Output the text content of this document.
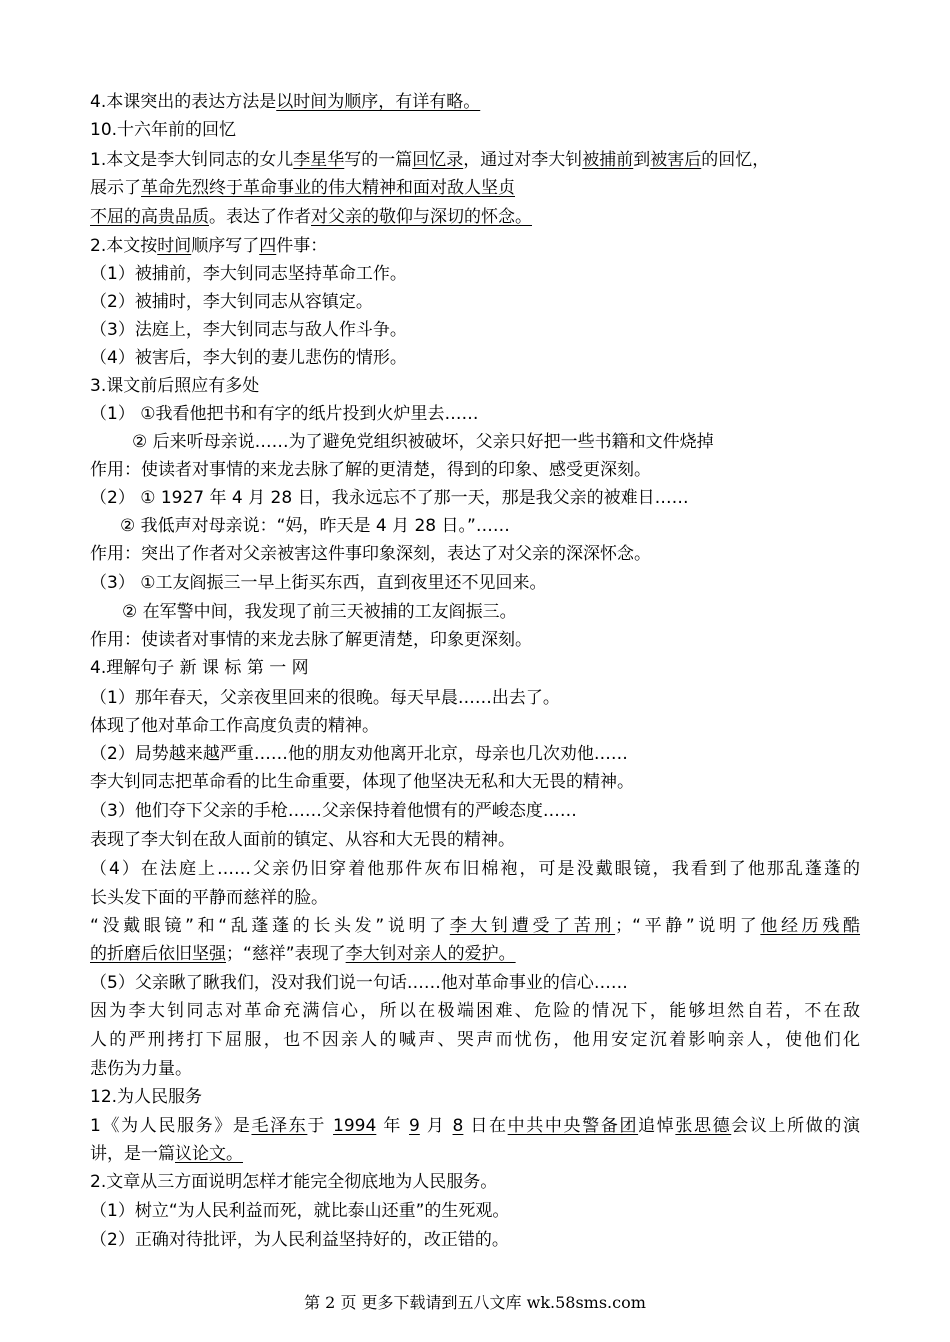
4.本课突出的表达方法是以时间为顺序，有详有略。
10.十六年前的回忆
1.本文是李大钊同志的女儿李星华写的一篇回忆录，通过对李大钊被捕前到被害后的回忆，
展示了革命先烈终于革命事业的伟大精神和面对敌人坚贞
不屈的高贵品质。表达了作者对父亲的敬仰与深切的怀念。
2.本文按时间顺序写了四件事：
（1）被捕前，李大钊同志坚持革命工作。
（2）被捕时，李大钊同志从容镇定。
（3）法庭上，李大钊同志与敌人作斗争。
（4）被害后，李大钊的妻儿悲伤的情形。
3.课文前后照应有多处
（1） ①我看他把书和有字的纸片投到火炉里去……
② 后来听母亲说……为了避免党组织被破坏，父亲只好把一些书籍和文件烧掉
作用：使读者对事情的来龙去脉了解的更清楚，得到的印象、感受更深刻。
（2） ① 1927 年 4 月 28 日，我永远忘不了那一天，那是我父亲的被难日……
② 我低声对母亲说：“妈，昨天是 4 月 28 日。”……
作用：突出了作者对父亲被害这件事印象深刻，表达了对父亲的深深怀念。
（3） ①工友阎振三一早上街买东西，直到夜里还不见回来。
② 在军警中间，我发现了前三天被捕的工友阎振三。
作用：使读者对事情的来龙去脉了解更清楚，印象更深刻。
4.理解句子 新 课 标 第 一 网
（1）那年春天，父亲夜里回来的很晚。每天早晨……出去了。
体现了他对革命工作高度负责的精神。
（2）局势越来越严重……他的朋友劝他离开北京，母亲也几次劝他……
李大钊同志把革命看的比生命重要，体现了他坚决无私和大无畏的精神。
（3）他们夺下父亲的手枪……父亲保持着他惯有的严峻态度……
表现了李大钊在敌人面前的镇定、从容和大无畏的精神。
（4）在法庭上……父亲仍旧穿着他那件灰布旧棉袍，可是没戴眼镜，我看到了他那乱蓬蓬的
长头发下面的平静而慈祥的脸。
“没戴眼镜”和“乱蓬蓬的长头发”说明了李大钊遭受了苦刑；“平静”说明了他经历残酷
的折磨后依旧坚强；“慈祥”表现了李大钊对亲人的爱护。
（5）父亲瞅了瞅我们，没对我们说一句话……他对革命事业的信心……
因为李大钊同志对革命充满信心，所以在极端困难、危险的情况下，能够坦然自若，不在敌
人的严刑拷打下屈服，也不因亲人的喊声、哭声而忧伤，他用安定沉着影响亲人，使他们化
悲伤为力量。
12.为人民服务
1《为人民服务》是毛泽东于 1994 年 9 月 8 日在中共中央警备团追悼张思德会议上所做的演
讲，是一篇议论文。
2.文章从三方面说明怎样才能完全彻底地为人民服务。
（1）树立“为人民利益而死，就比泰山还重”的生死观。
（2）正确对待批评，为人民利益坚持好的，改正错的。
第 2 页 更多下载请到五八文库 wk.58sms.com
